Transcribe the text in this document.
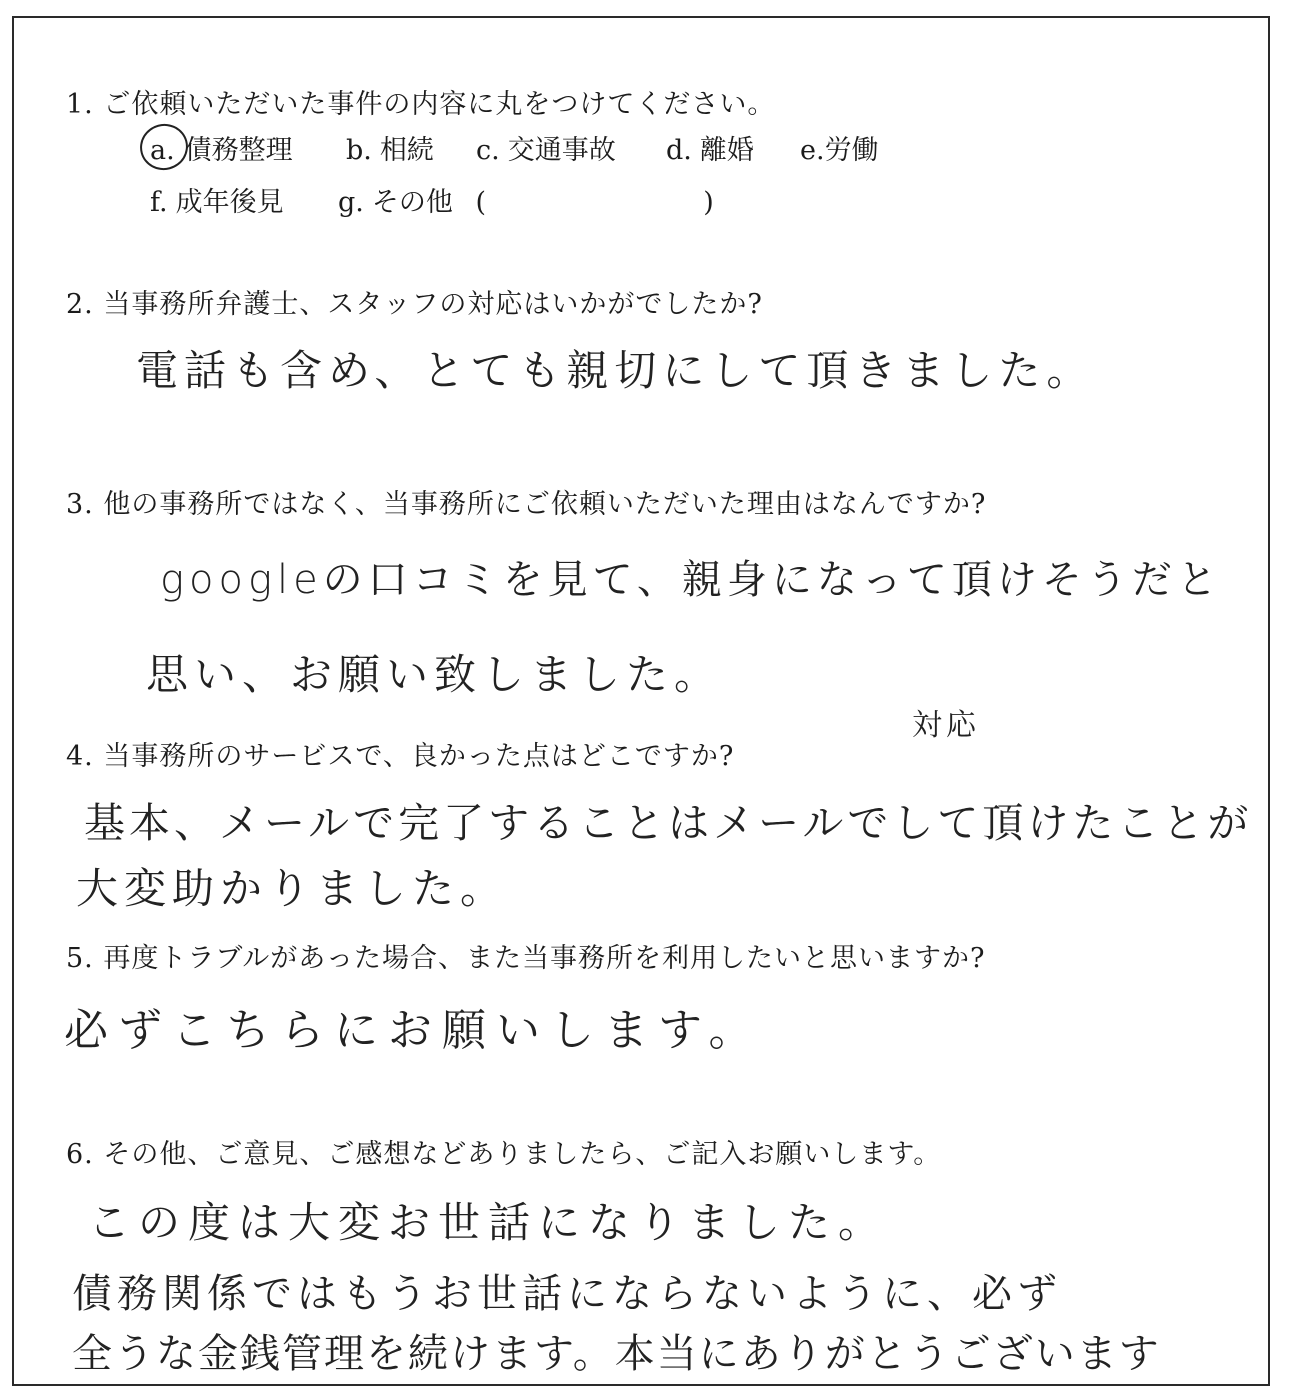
1. ご依頼いただいた事件の内容に丸をつけてください。
a. 債務整理 b. 相続 c. 交通事故 d. 離婚 e.労働
f. 成年後見 g. その他 (	)
2. 当事務所弁護士、スタッフの対応はいかがでしたか?
電話も含め、とても親切にして頂きました。
3. 他の事務所ではなく、当事務所にご依頼いただいた理由はなんですか?
googleの口コミを見て、親身になって頂けそうだと
思い、お願い致しました。
4. 当事務所のサービスで、良かった点はどこですか?
対応
基本、メールで完了することはメールでして頂けたことが
大変助かりました。
5. 再度トラブルがあった場合、また当事務所を利用したいと思いますか?
必ずこちらにお願いします。
6. その他、ご意見、ご感想などありましたら、ご記入お願いします。
この度は大変お世話になりました。
債務関係ではもうお世話にならないように、必ず
全うな金銭管理を続けます。本当にありがとうございます
